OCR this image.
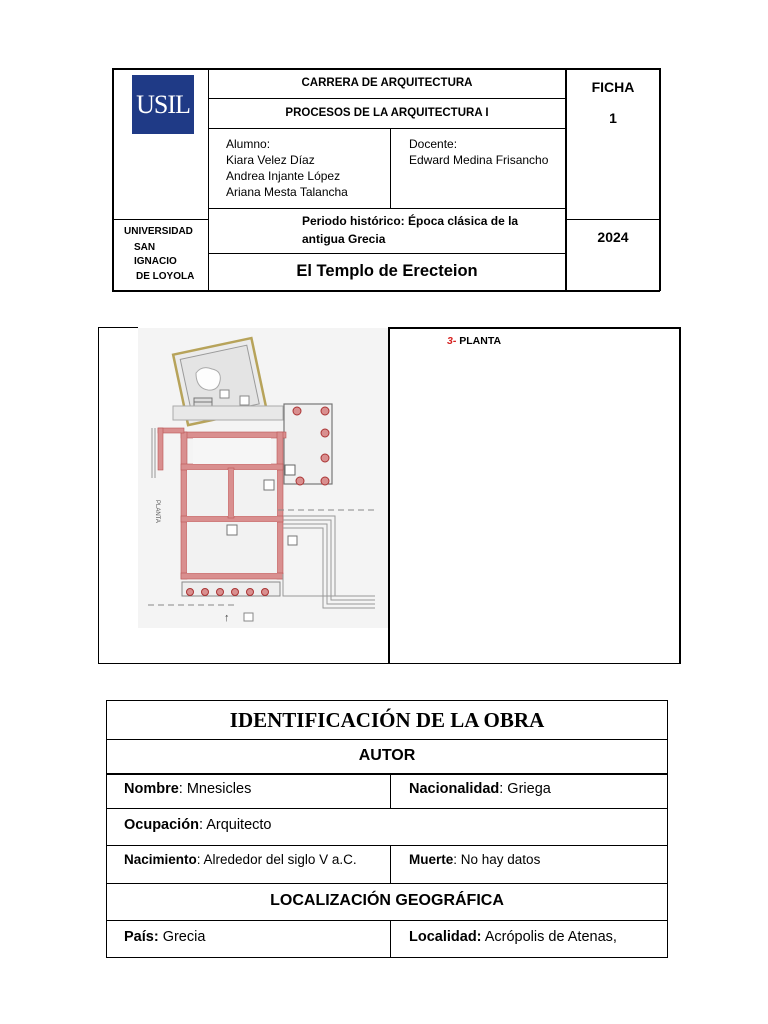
USIL
CARRERA DE ARQUITECTURA
PROCESOS DE LA ARQUITECTURA I
Alumno:
Kiara Velez Díaz
Andrea Injante López
Ariana Mesta Talancha
Docente:
Edward Medina Frisancho
FICHA
1
UNIVERSIDAD
SAN
IGNACIO
DE LOYOLA
Periodo histórico: Época clásica de la
antigua Grecia	2024
El Templo de Erecteion
3- PLANTA
PLANTA
↑
IDENTIFICACIÓN DE LA OBRA
AUTOR
Nombre: Mnesicles	Nacionalidad: Griega
Ocupación: Arquitecto
Nacimiento: Alrededor del siglo V a.C.	Muerte: No hay datos
LOCALIZACIÓN GEOGRÁFICA
País: Grecia	Localidad: Acrópolis de Atenas,
